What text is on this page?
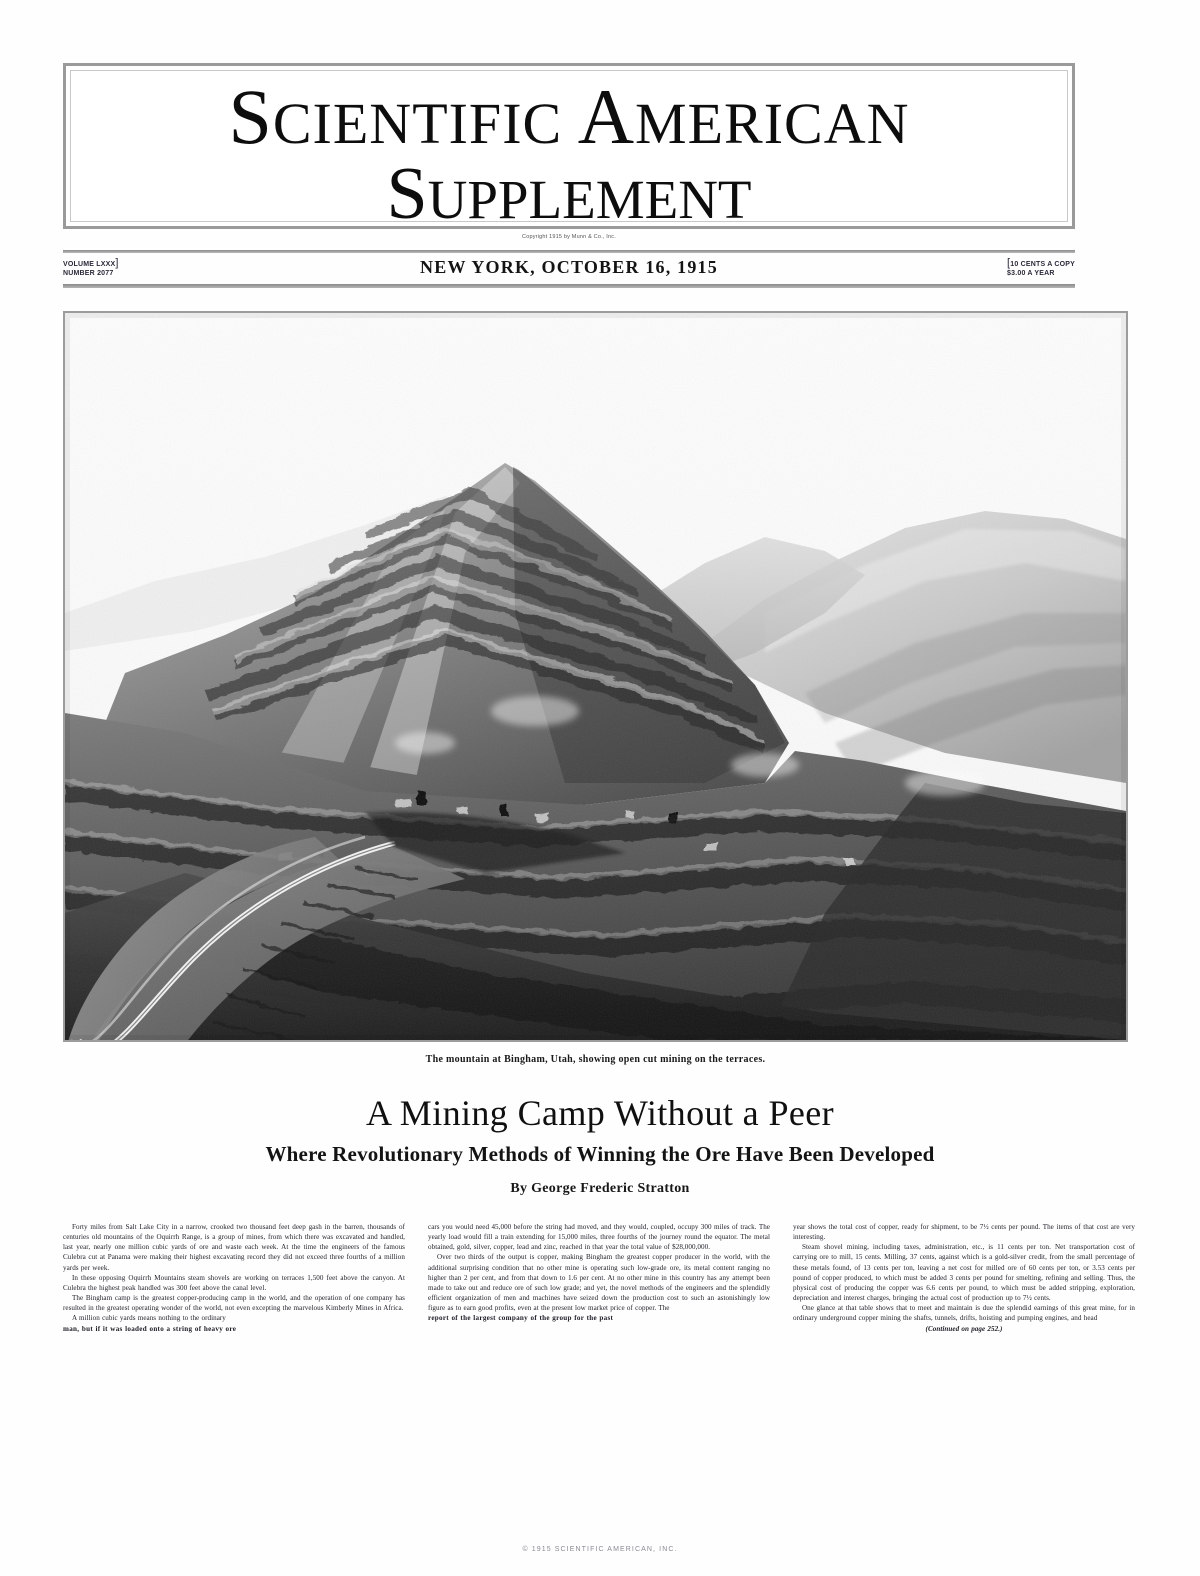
SCIENTIFIC AMERICAN
SUPPLEMENT
Copyright 1915 by Munn & Co., Inc.
VOLUME LXXX]
NUMBER 2077	NEW YORK, OCTOBER 16, 1915	[10 CENTS A COPY
$3.00 A YEAR
The mountain at Bingham, Utah, showing open cut mining on the terraces.
A Mining Camp Without a Peer
Where Revolutionary Methods of Winning the Ore Have Been Developed
By George Frederic Stratton

Forty miles from Salt Lake City in a narrow, crooked two thousand feet deep gash in the barren, thousands of centuries old mountains of the Oquirrh Range, is a group of mines, from which there was excavated and handled, last year, nearly one million cubic yards of ore and waste each week. At the time the engineers of the famous Culebra cut at Panama were making their highest excavating record they did not exceed three fourths of a million yards per week.

In these opposing Oquirrh Mountains steam shovels are working on terraces 1,500 feet above the canyon. At Culebra the highest peak handled was 300 feet above the canal level.

The Bingham camp is the greatest copper-producing camp in the world, and the operation of one company has resulted in the greatest operating wonder of the world, not even excepting the marvelous Kimberly Mines in Africa.

A million cubic yards means nothing to the ordinary

man, but if it was loaded onto a string of heavy ore

cars you would need 45,000 before the string had moved, and they would, coupled, occupy 300 miles of track. The yearly load would fill a train extending for 15,000 miles, three fourths of the journey round the equator. The metal obtained, gold, silver, copper, lead and zinc, reached in that year the total value of $28,000,000.

Over two thirds of the output is copper, making Bingham the greatest copper producer in the world, with the additional surprising condition that no other mine is operating such low-grade ore, its metal content ranging no higher than 2 per cent, and from that down to 1.6 per cent. At no other mine in this country has any attempt been made to take out and reduce ore of such low grade; and yet, the novel methods of the engineers and the splendidly efficient organization of men and machines have seized down the production cost to such an astonishingly low figure as to earn good profits, even at the present low market price of copper. The

report of the largest company of the group for the past

year shows the total cost of copper, ready for shipment, to be 7½ cents per pound. The items of that cost are very interesting.

Steam shovel mining, including taxes, administration, etc., is 11 cents per ton. Net transportation cost of carrying ore to mill, 15 cents. Milling, 37 cents, against which is a gold-silver credit, from the small percentage of these metals found, of 13 cents per ton, leaving a net cost for milled ore of 60 cents per ton, or 3.53 cents per pound of copper produced, to which must be added 3 cents per pound for smelting, refining and selling. Thus, the physical cost of producing the copper was 6.6 cents per pound, to which must be added stripping, exploration, depreciation and interest charges, bringing the actual cost of production up to 7½ cents.

One glance at that table shows that to meet and maintain is due the splendid earnings of this great mine, for in ordinary underground copper mining the shafts, tunnels, drifts, hoisting and pumping engines, and head

(Continued on page 252.)

© 1915 SCIENTIFIC AMERICAN, INC.
